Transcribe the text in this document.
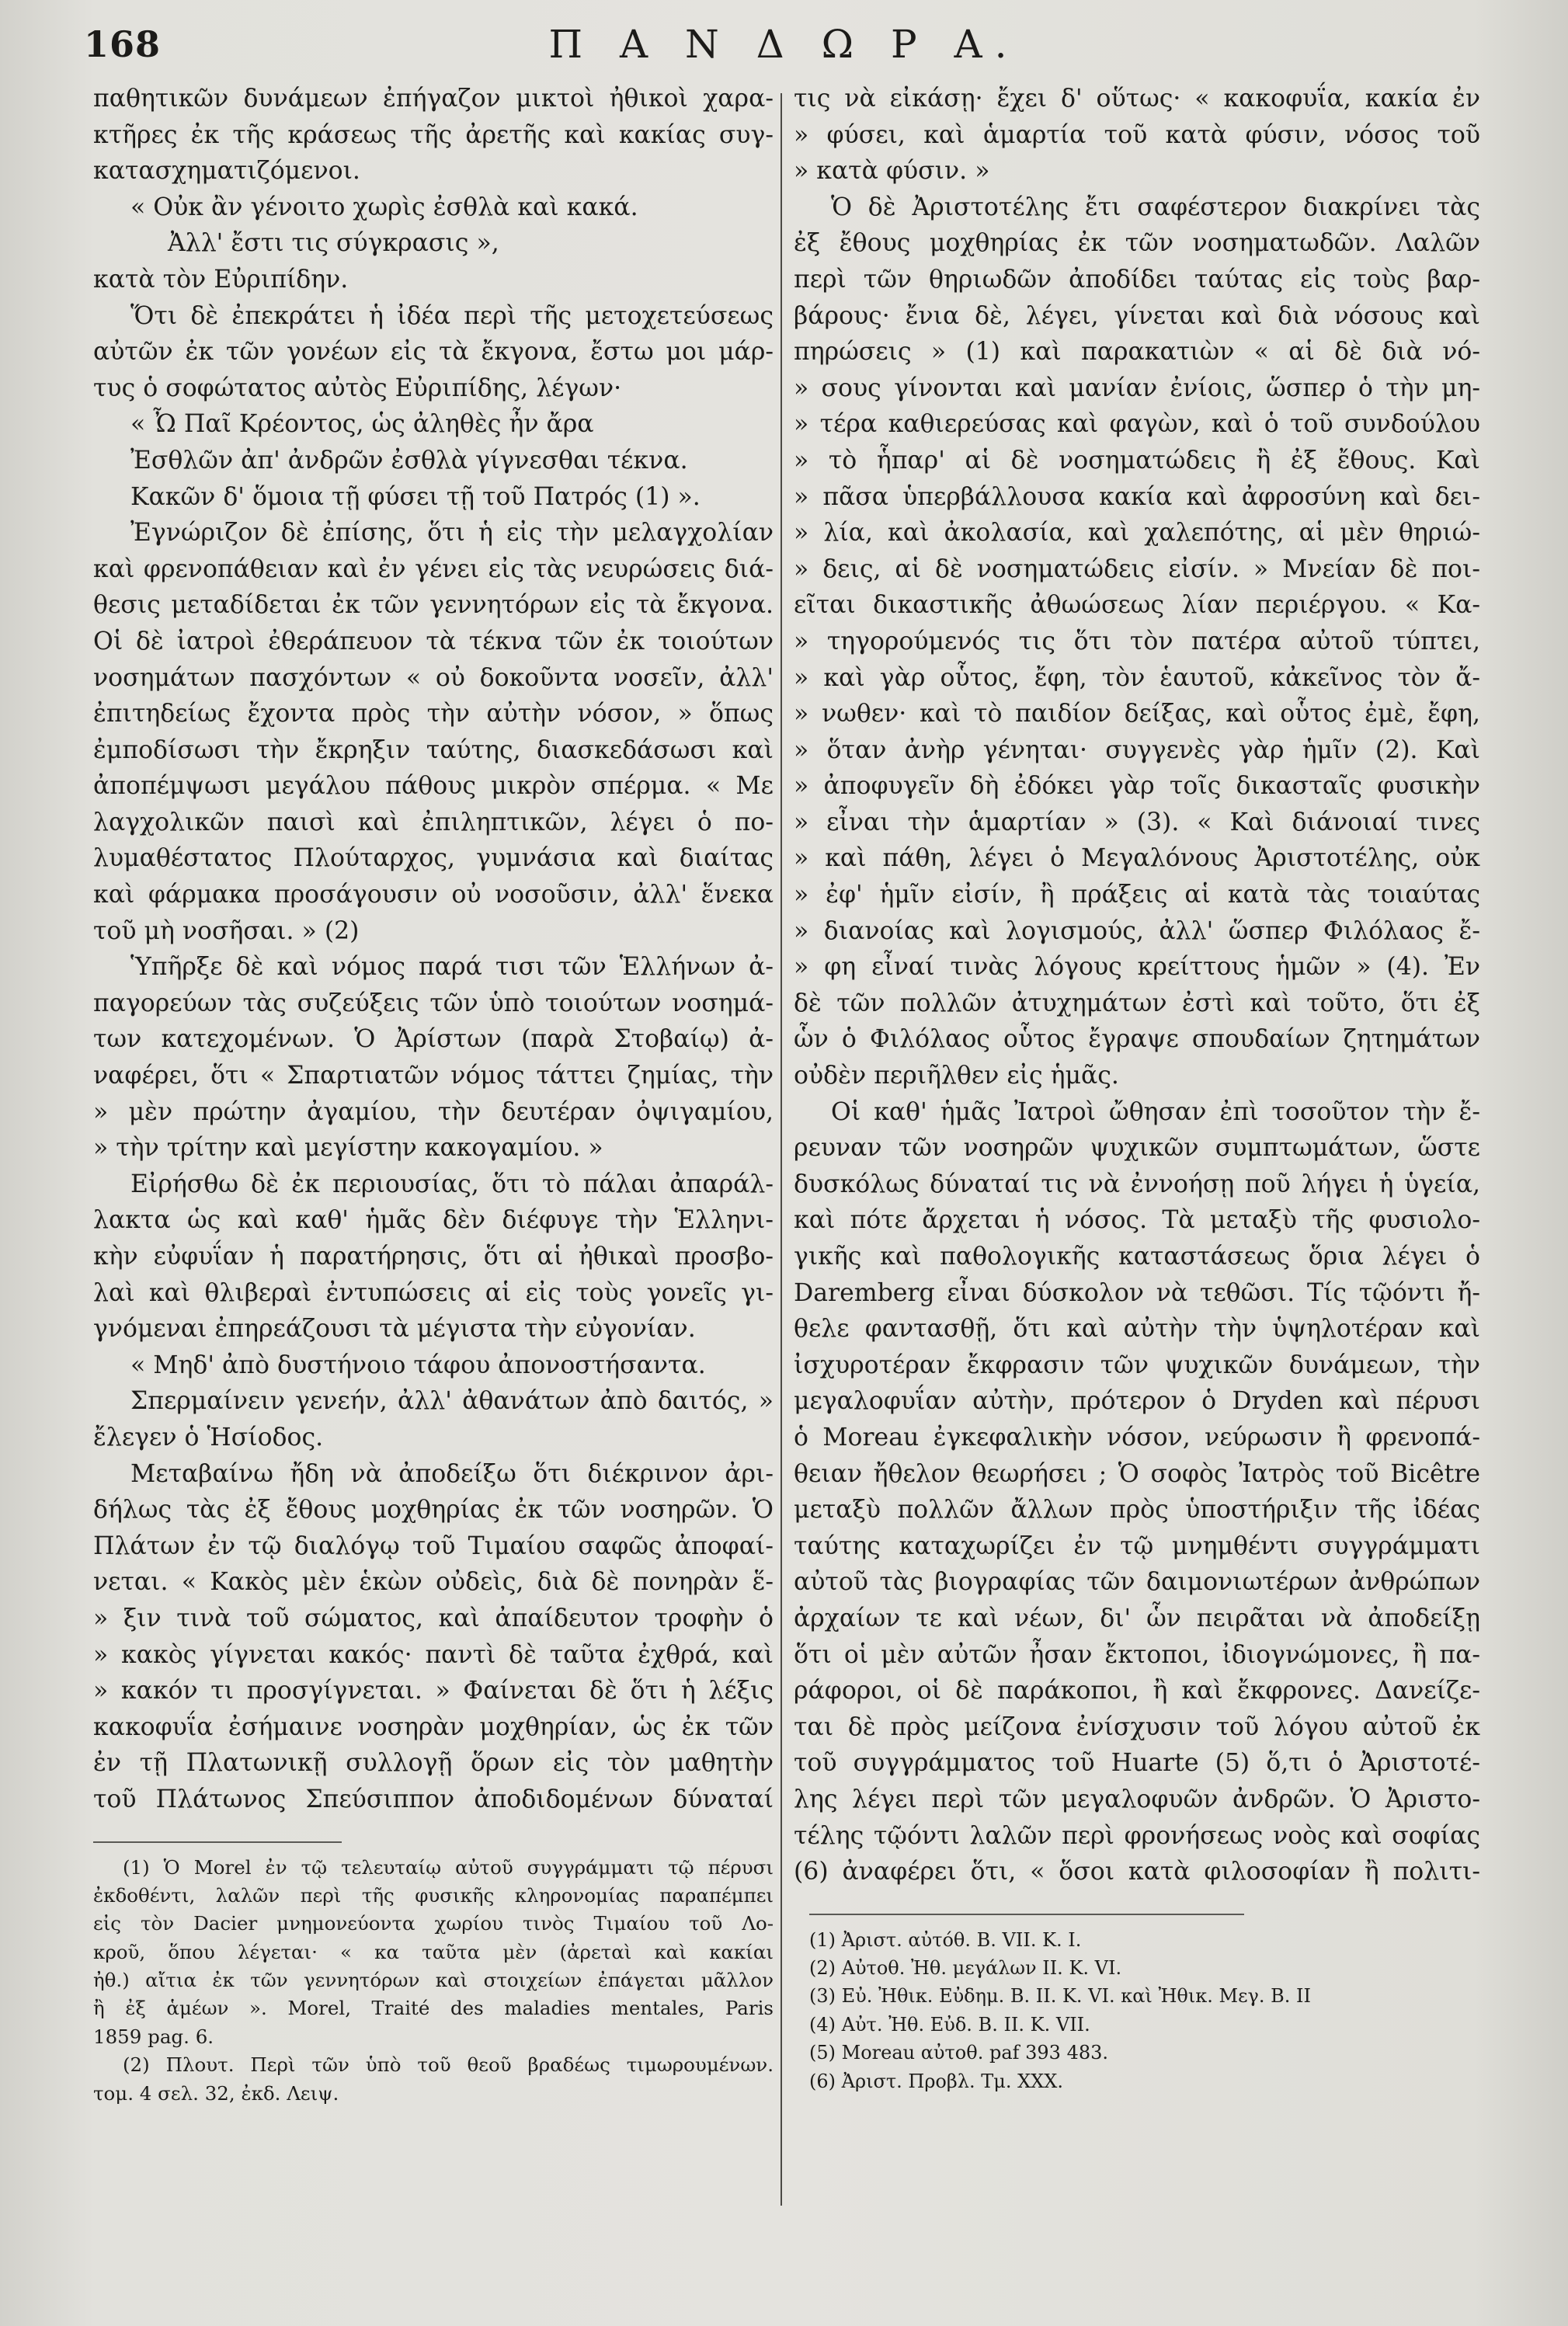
168	Π Α Ν Δ Ω Ρ Α.
παθητικῶν δυνάμεων ἐπήγαζον μικτοὶ ἠθικοὶ χαρα-
κτῆρες ἐκ τῆς κράσεως τῆς ἀρετῆς καὶ κακίας συγ-
κατασχηματιζόμενοι.
« Οὐκ ἂν γένοιτο χωρὶς ἐσθλὰ καὶ κακά.
Ἀλλ' ἔστι τις σύγκρασις »,
κατὰ τὸν Εὐριπίδην.
Ὅτι δὲ ἐπεκράτει ἡ ἰδέα περὶ τῆς μετοχετεύσεως
αὐτῶν ἐκ τῶν γονέων εἰς τὰ ἔκγονα, ἔστω μοι μάρ-
τυς ὁ σοφώτατος αὐτὸς Εὐριπίδης, λέγων·
« Ὦ Παῖ Κρέοντος, ὡς ἀληθὲς ἦν ἄρα
Ἐσθλῶν ἀπ' ἀνδρῶν ἐσθλὰ γίγνεσθαι τέκνα.
Κακῶν δ' ὅμοια τῇ φύσει τῇ τοῦ Πατρός (1) ».
Ἐγνώριζον δὲ ἐπίσης, ὅτι ἡ εἰς τὴν μελαγχολίαν
καὶ φρενοπάθειαν καὶ ἐν γένει εἰς τὰς νευρώσεις διά-
θεσις μεταδίδεται ἐκ τῶν γεννητόρων εἰς τὰ ἔκγονα.
Οἱ δὲ ἰατροὶ ἐθεράπευον τὰ τέκνα τῶν ἐκ τοιούτων
νοσημάτων πασχόντων « οὐ δοκοῦντα νοσεῖν, ἀλλ'
ἐπιτηδείως ἔχοντα πρὸς τὴν αὐτὴν νόσον, » ὅπως
ἐμποδίσωσι τὴν ἔκρηξιν ταύτης, διασκεδάσωσι καὶ
ἀποπέμψωσι μεγάλου πάθους μικρὸν σπέρμα. « Με
λαγχολικῶν παισὶ καὶ ἐπιληπτικῶν, λέγει ὁ πο-
λυμαθέστατος Πλούταρχος, γυμνάσια καὶ διαίτας
καὶ φάρμακα προσάγουσιν οὐ νοσοῦσιν, ἀλλ' ἕνεκα
τοῦ μὴ νοσῆσαι. » (2)
Ὑπῆρξε δὲ καὶ νόμος παρά τισι τῶν Ἑλλήνων ἀ-
παγορεύων τὰς συζεύξεις τῶν ὑπὸ τοιούτων νοσημά-
των κατεχομένων. Ὁ Ἀρίστων (παρὰ Στοβαίῳ) ἀ-
ναφέρει, ὅτι « Σπαρτιατῶν νόμος τάττει ζημίας, τὴν
» μὲν πρώτην ἀγαμίου, τὴν δευτέραν ὀψιγαμίου,
» τὴν τρίτην καὶ μεγίστην κακογαμίου. »
Εἰρήσθω δὲ ἐκ περιουσίας, ὅτι τὸ πάλαι ἀπαράλ-
λακτα ὡς καὶ καθ' ἡμᾶς δὲν διέφυγε τὴν Ἑλληνι-
κὴν εὐφυΐαν ἡ παρατήρησις, ὅτι αἱ ἠθικαὶ προσβο-
λαὶ καὶ θλιβεραὶ ἐντυπώσεις αἱ εἰς τοὺς γονεῖς γι-
γνόμεναι ἐπηρεάζουσι τὰ μέγιστα τὴν εὐγονίαν.
« Μηδ' ἀπὸ δυστήνοιο τάφου ἀπονοστήσαντα.
Σπερμαίνειν γενεήν, ἀλλ' ἀθανάτων ἀπὸ δαιτός, »
ἔλεγεν ὁ Ἡσίοδος.
Μεταβαίνω ἤδη νὰ ἀποδείξω ὅτι διέκρινον ἀρι-
δήλως τὰς ἐξ ἔθους μοχθηρίας ἐκ τῶν νοσηρῶν. Ὁ
Πλάτων ἐν τῷ διαλόγῳ τοῦ Τιμαίου σαφῶς ἀποφαί-
νεται. « Κακὸς μὲν ἑκὼν οὐδεὶς, διὰ δὲ πονηρὰν ἕ-
» ξιν τινὰ τοῦ σώματος, καὶ ἀπαίδευτον τροφὴν ὁ
» κακὸς γίγνεται κακός· παντὶ δὲ ταῦτα ἐχθρά, καὶ
» κακόν τι προσγίγνεται. » Φαίνεται δὲ ὅτι ἡ λέξις
κακοφυΐα ἐσήμαινε νοσηρὰν μοχθηρίαν, ὡς ἐκ τῶν
ἐν τῇ Πλατωνικῇ συλλογῇ ὅρων εἰς τὸν μαθητὴν
τοῦ Πλάτωνος Σπεύσιππον ἀποδιδομένων δύναταί
(1) Ὁ Morel ἐν τῷ τελευταίῳ αὐτοῦ συγγράμματι τῷ πέρυσι
ἐκδοθέντι, λαλῶν περὶ τῆς φυσικῆς κληρονομίας παραπέμπει
εἰς τὸν Dacier μνημονεύοντα χωρίου τινὸς Τιμαίου τοῦ Λο-
κροῦ, ὅπου λέγεται· « κα ταῦτα μὲν (ἀρεταὶ καὶ κακίαι
ἠθ.) αἴτια ἐκ τῶν γεννητόρων καὶ στοιχείων ἐπάγεται μᾶλλον
ἢ ἐξ ἁμέων ». Morel, Traité des maladies mentales, Paris
1859 pag. 6.
(2) Πλουτ. Περὶ τῶν ὑπὸ τοῦ θεοῦ βραδέως τιμωρουμένων.
τομ. 4 σελ. 32, ἐκδ. Λειψ.
τις νὰ εἰκάσῃ· ἔχει δ' οὕτως· « κακοφυΐα, κακία ἐν
» φύσει, καὶ ἁμαρτία τοῦ κατὰ φύσιν, νόσος τοῦ
» κατὰ φύσιν. »
Ὁ δὲ Ἀριστοτέλης ἔτι σαφέστερον διακρίνει τὰς
ἐξ ἔθους μοχθηρίας ἐκ τῶν νοσηματωδῶν. Λαλῶν
περὶ τῶν θηριωδῶν ἀποδίδει ταύτας εἰς τοὺς βαρ-
βάρους· ἔνια δὲ, λέγει, γίνεται καὶ διὰ νόσους καὶ
πηρώσεις » (1) καὶ παρακατιὼν « αἱ δὲ διὰ νό-
» σους γίνονται καὶ μανίαν ἐνίοις, ὥσπερ ὁ τὴν μη-
» τέρα καθιερεύσας καὶ φαγὼν, καὶ ὁ τοῦ συνδούλου
» τὸ ἧπαρ' αἱ δὲ νοσηματώδεις ἢ ἐξ ἔθους. Καὶ
» πᾶσα ὑπερβάλλουσα κακία καὶ ἀφροσύνη καὶ δει-
» λία, καὶ ἀκολασία, καὶ χαλεπότης, αἱ μὲν θηριώ-
» δεις, αἱ δὲ νοσηματώδεις εἰσίν. » Μνείαν δὲ ποι-
εῖται δικαστικῆς ἀθωώσεως λίαν περιέργου. « Κα-
» τηγορούμενός τις ὅτι τὸν πατέρα αὐτοῦ τύπτει,
» καὶ γὰρ οὗτος, ἔφη, τὸν ἑαυτοῦ, κἀκεῖνος τὸν ἄ-
» νωθεν· καὶ τὸ παιδίον δείξας, καὶ οὗτος ἐμὲ, ἔφη,
» ὅταν ἀνὴρ γένηται· συγγενὲς γὰρ ἡμῖν (2). Καὶ
» ἀποφυγεῖν δὴ ἐδόκει γὰρ τοῖς δικασταῖς φυσικὴν
» εἶναι τὴν ἁμαρτίαν » (3). « Καὶ διάνοιαί τινες
» καὶ πάθη, λέγει ὁ Μεγαλόνους Ἀριστοτέλης, οὐκ
» ἐφ' ἡμῖν εἰσίν, ἢ πράξεις αἱ κατὰ τὰς τοιαύτας
» διανοίας καὶ λογισμούς, ἀλλ' ὥσπερ Φιλόλαος ἔ-
» φη εἶναί τινὰς λόγους κρείττους ἡμῶν » (4). Ἐν
δὲ τῶν πολλῶν ἀτυχημάτων ἐστὶ καὶ τοῦτο, ὅτι ἐξ
ὧν ὁ Φιλόλαος οὗτος ἔγραψε σπουδαίων ζητημάτων
οὐδὲν περιῆλθεν εἰς ἡμᾶς.
Οἱ καθ' ἡμᾶς Ἰατροὶ ὤθησαν ἐπὶ τοσοῦτον τὴν ἔ-
ρευναν τῶν νοσηρῶν ψυχικῶν συμπτωμάτων, ὥστε
δυσκόλως δύναταί τις νὰ ἐννοήσῃ ποῦ λήγει ἡ ὑγεία,
καὶ πότε ἄρχεται ἡ νόσος. Τὰ μεταξὺ τῆς φυσιολο-
γικῆς καὶ παθολογικῆς καταστάσεως ὅρια λέγει ὁ
Daremberg εἶναι δύσκολον νὰ τεθῶσι. Τίς τῷόντι ἤ-
θελε φαντασθῇ, ὅτι καὶ αὐτὴν τὴν ὑψηλοτέραν καὶ
ἰσχυροτέραν ἔκφρασιν τῶν ψυχικῶν δυνάμεων, τὴν
μεγαλοφυΐαν αὐτὴν, πρότερον ὁ Dryden καὶ πέρυσι
ὁ Moreau ἐγκεφαλικὴν νόσον, νεύρωσιν ἢ φρενοπά-
θειαν ἤθελον θεωρήσει ; Ὁ σοφὸς Ἰατρὸς τοῦ Bicêtre
μεταξὺ πολλῶν ἄλλων πρὸς ὑποστήριξιν τῆς ἰδέας
ταύτης καταχωρίζει ἐν τῷ μνημθέντι συγγράμματι
αὐτοῦ τὰς βιογραφίας τῶν δαιμονιωτέρων ἀνθρώπων
ἀρχαίων τε καὶ νέων, δι' ὧν πειρᾶται νὰ ἀποδείξῃ
ὅτι οἱ μὲν αὐτῶν ἦσαν ἔκτοποι, ἰδιογνώμονες, ἢ πα-
ράφοροι, οἱ δὲ παράκοποι, ἢ καὶ ἔκφρονες. Δανείζε-
ται δὲ πρὸς μείζονα ἐνίσχυσιν τοῦ λόγου αὐτοῦ ἐκ
τοῦ συγγράμματος τοῦ Huarte (5) ὅ,τι ὁ Ἀριστοτέ-
λης λέγει περὶ τῶν μεγαλοφυῶν ἀνδρῶν. Ὁ Ἀριστο-
τέλης τῷόντι λαλῶν περὶ φρονήσεως νοὸς καὶ σοφίας
(6) ἀναφέρει ὅτι, « ὅσοι κατὰ φιλοσοφίαν ἢ πολιτι-
(1) Ἀριστ. αὐτόθ. Β. VII. Κ. I.
(2) Αὐτοθ. Ἠθ. μεγάλων II. Κ. VI.
(3) Εὐ. Ἠθικ. Εὐδημ. Β. II. Κ. VI. καὶ Ἠθικ. Μεγ. Β. II
(4) Αὐτ. Ἠθ. Εὐδ. Β. II. Κ. VII.
(5) Moreau αὐτοθ. paf 393 483.
(6) Ἀριστ. Προβλ. Τμ. XXX.
